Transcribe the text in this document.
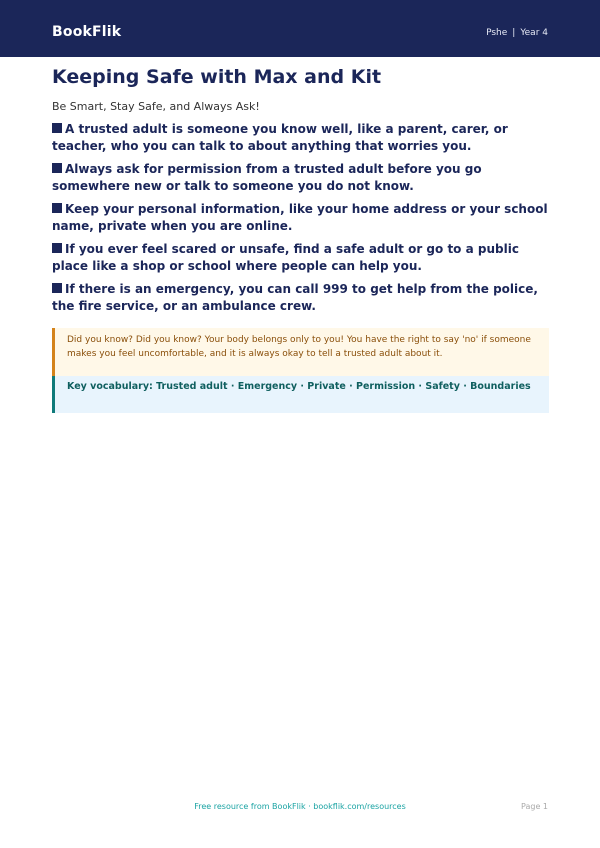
BookFlik	Pshe | Year 4
Keeping Safe with Max and Kit

Be Smart, Stay Safe, and Always Ask!

A trusted adult is someone you know well, like a parent, carer, or teacher, who you can talk to about anything that worries you.
Always ask for permission from a trusted adult before you go somewhere new or talk to someone you do not know.
Keep your personal information, like your home address or your school name, private when you are online.
If you ever feel scared or unsafe, find a safe adult or go to a public place like a shop or school where people can help you.
If there is an emergency, you can call 999 to get help from the police, the fire service, or an ambulance crew.
Did you know? Did you know? Your body belongs only to you! You have the right to say 'no' if someone makes you feel uncomfortable, and it is always okay to tell a trusted adult about it.
Key vocabulary: Trusted adult · Emergency · Private · Permission · Safety · Boundaries
Free resource from BookFlik · bookflik.com/resources	Page 1
